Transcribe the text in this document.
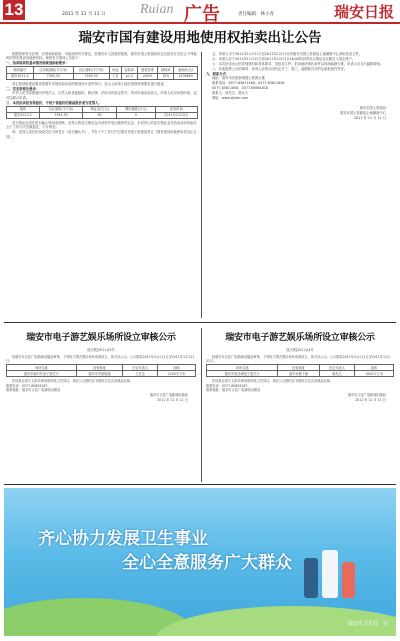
13	2011 年 11 月 11 日 Ruian 广告	责任编辑：林小青	瑞安日报
瑞安市国有建设用地使用权拍卖出让公告

根据国家有关法律、法规和省政府、市政府的有关规定，经瑞安市人民政府批准，瑞安市国土资源局决定以拍卖方式出让下列地块的国有建设用地使用权。现将有关事项公告如下：

一、拍卖地块的基本情况和规划指标要求：

地块编号	总用地面积(平方米)	出让面积(平方米)	用途	容积率	建筑密度	绿地率	起始价(元)
瑞安2011-S	7393.33	7393.33	工业	≥1.5	≥50%	10%	4136663

其它规划和建设要求按瑞安市规划局出具的规划设计条件执行；竞买人取得土地后须按规划要求进行建设。

二、竞买资格及要求：

中华人民共和国境内外的法人、自然人和其他组织，除法律、法规另有规定的外，均可申请参加竞买。申请人可以单独申请，也可以联合申请。

三、本次拍卖设有保留价，不低于保留价的最高报价者为竞得人。

地块	出让面积(平方米)	保证金(万元)	增价幅度(万元)	拍卖时间
瑞安2011-S	7393.33	83	5	2011年12月2日

竞买保证金须在报名截止时间前到账，竞得人的竞买保证金自动转作受让地块的定金，未竞得人的竞买保证金在拍卖活动结束后五个工作日内全额退还，不计利息。

四、竞得人须在拍卖成交后当场签订《成交确认书》，并在十个工作日内与瑞安市国土资源局签订《国有建设用地使用权出让合同》。

五、申请人可于2011年11月11日至2011年12月1日到瑞安市国土资源局土地储备中心获取拍卖文件。

六、申请人应于2011年11月11日至2011年12月1日16:00时前将竞买保证金足额交入指定账户。

七、本次拍卖出让的详细资料和具体要求，见拍卖文件。拍卖地块现状条件以现场踏勘为准，申请人应自行踏勘现场。

八、其他需要公告的事项：竞得人应按合同约定开工、竣工，逾期按合同约定承担违约责任。

九、联系方式：

地址：瑞安市安阳新城国土资源大楼

联系电话：0577-65611168、0577-65611658

0577-65611658、0577-65661618

联系人：林先生、陈女士

网址：www.zjtdsc.com

瑞安市国土资源局

瑞安市国土资源局土地储备中心

2011 年 11 月 11 日

瑞安市电子游艺娱乐场所设立审核公示
瑞文娱[2011]13号

经瑞安市文化广电新闻出版局审核，下列电子游艺娱乐场所申请设立，现予以公示。公示期自2011年11月11日至2011年11月21日。

场所名称	经营地址	法定代表人	面积
瑞安市新时代电子游艺厅	瑞安市安阳街道	王先生	1200平方米

任何单位或个人如对该场所的设立有异议，请在公示期内以书面形式实名向我局反映。

联系电话：0577-65893187

联系地址：瑞安市文化广电新闻出版局

瑞安市文化广电新闻出版局

2011 年 11 月 11 日

瑞安市电子游艺娱乐场所设立审核公示
瑞文娱[2011]14号

经瑞安市文化广电新闻出版局审核，下列电子游艺娱乐场所申请设立，现予以公示。公示期自2011年11月11日至2011年11月21日。

场所名称	经营地址	法定代表人	面积
瑞安市欢乐城电子游艺厅	瑞安市塘下镇	陈先生	1000平方米

任何单位或个人如对该场所的设立有异议，请在公示期内以书面形式实名向我局反映。

联系电话：0577-65893187

联系地址：瑞安市文化广电新闻出版局

瑞安市文化广电新闻出版局

2011 年 11 月 11 日

齐心协力发展卫生事业
全心全意服务广大群众
瑞安市卫生局　宣
